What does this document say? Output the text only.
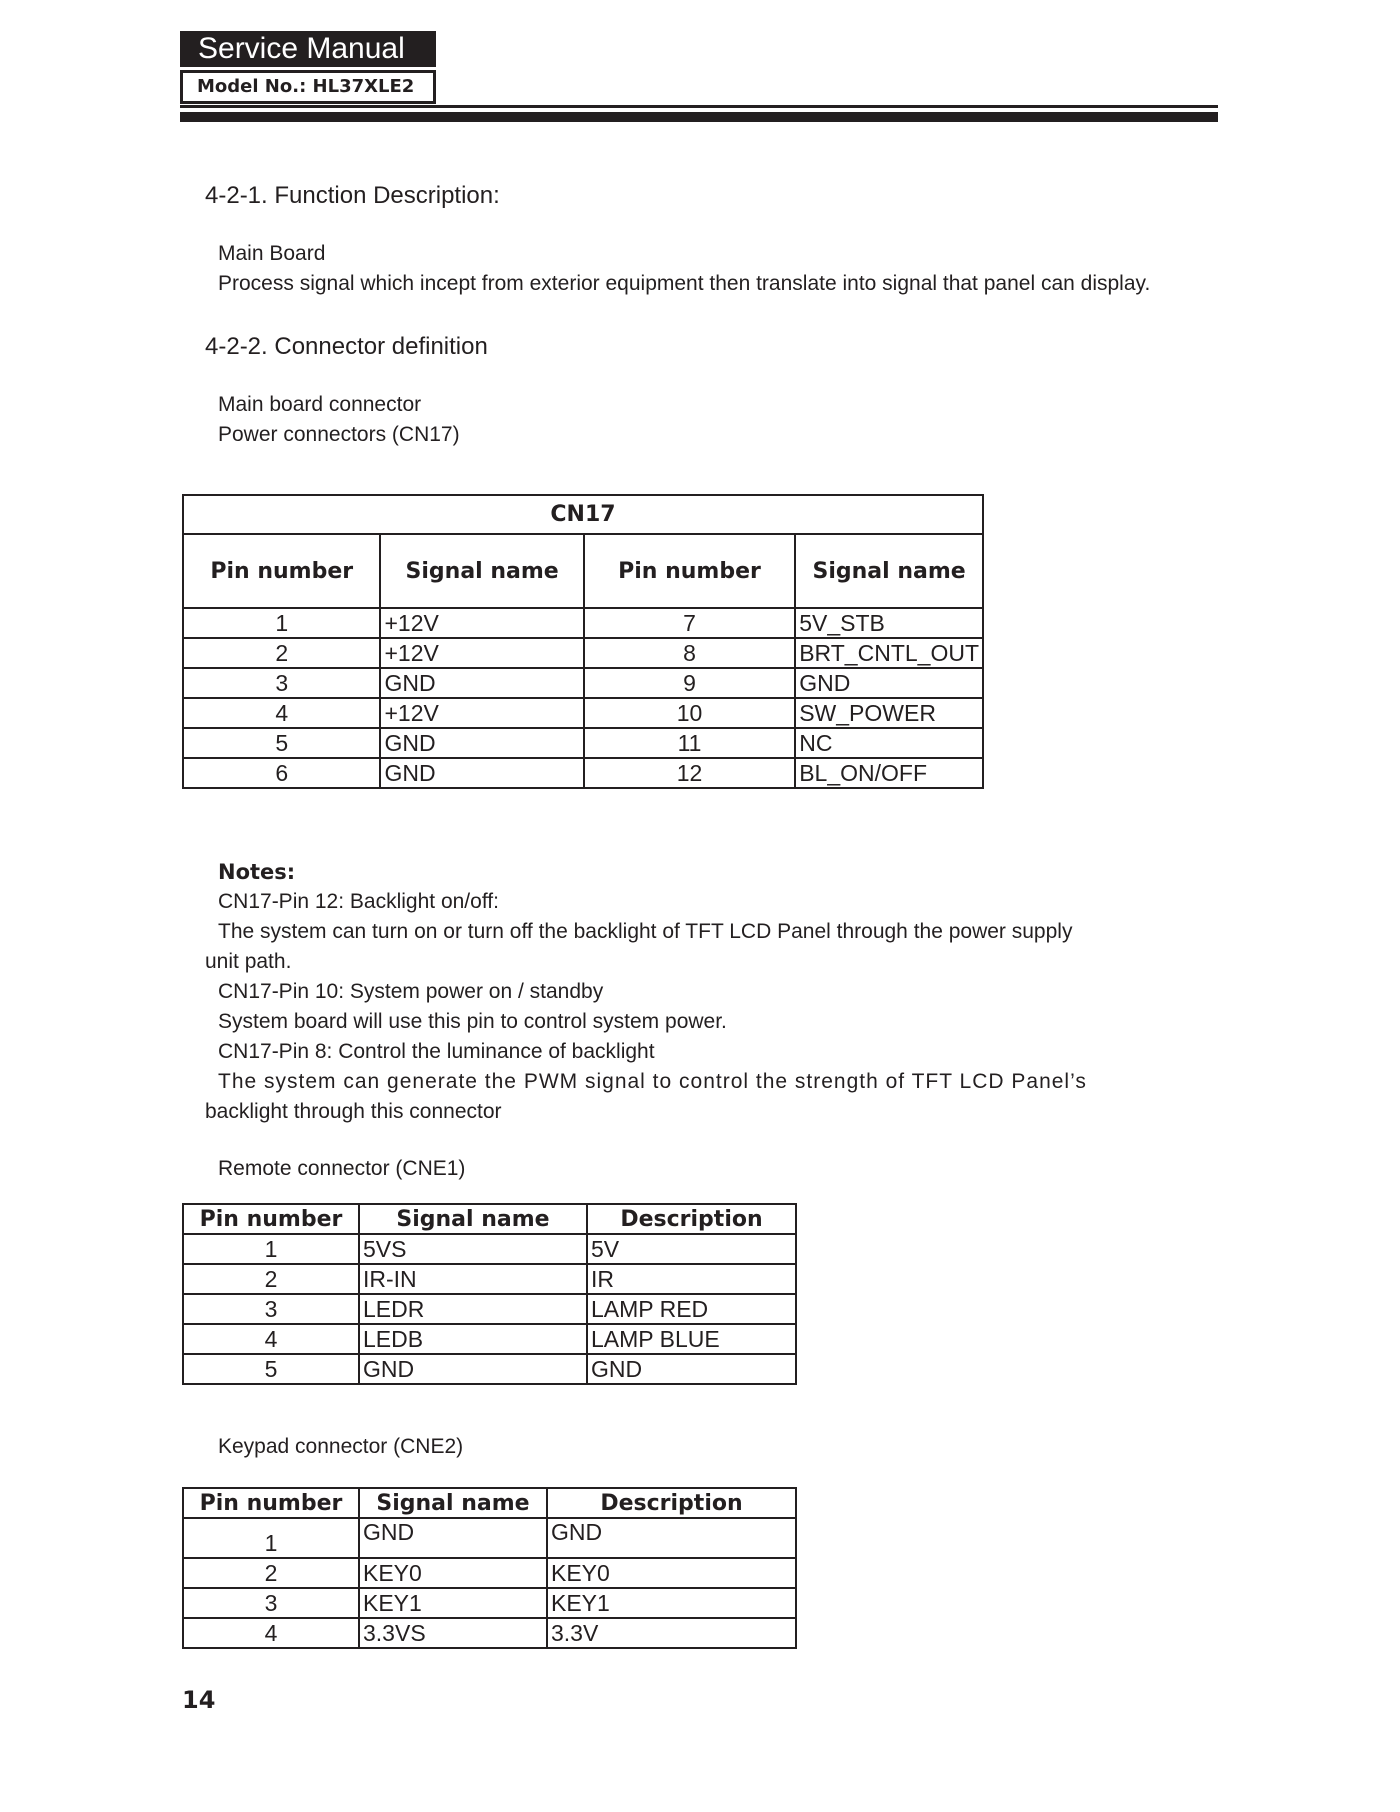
Service Manual
Model No.: HL37XLE2
4-2-1. Function Description:
Main Board
Process signal which incept from exterior equipment then translate into signal that panel can display.
4-2-2. Connector definition
Main board connector
Power connectors (CN17)
CN17			
Pin number	Signal name	Pin number	Signal name
1	+12V	7	5V_STB
2	+12V	8	BRT_CNTL_OUT
3	GND	9	GND
4	+12V	10	SW_POWER
5	GND	11	NC
6	GND	12	BL_ON/OFF
Notes:
CN17-Pin 12: Backlight on/off:
The system can turn on or turn off the backlight of TFT LCD Panel through the power supply
unit path.
CN17-Pin 10: System power on / standby
System board will use this pin to control system power.
CN17-Pin 8: Control the luminance of backlight
The system can generate the PWM signal to control the strength of TFT LCD Panel’s
backlight through this connector
Remote connector (CNE1)
Pin number	Signal name	Description
1	5VS	5V
2	IR-IN	IR
3	LEDR	LAMP RED
4	LEDB	LAMP BLUE
5	GND	GND
Keypad connector (CNE2)
Pin number	Signal name	Description
1	GND	GND
2	KEY0	KEY0
3	KEY1	KEY1
4	3.3VS	3.3V
14
